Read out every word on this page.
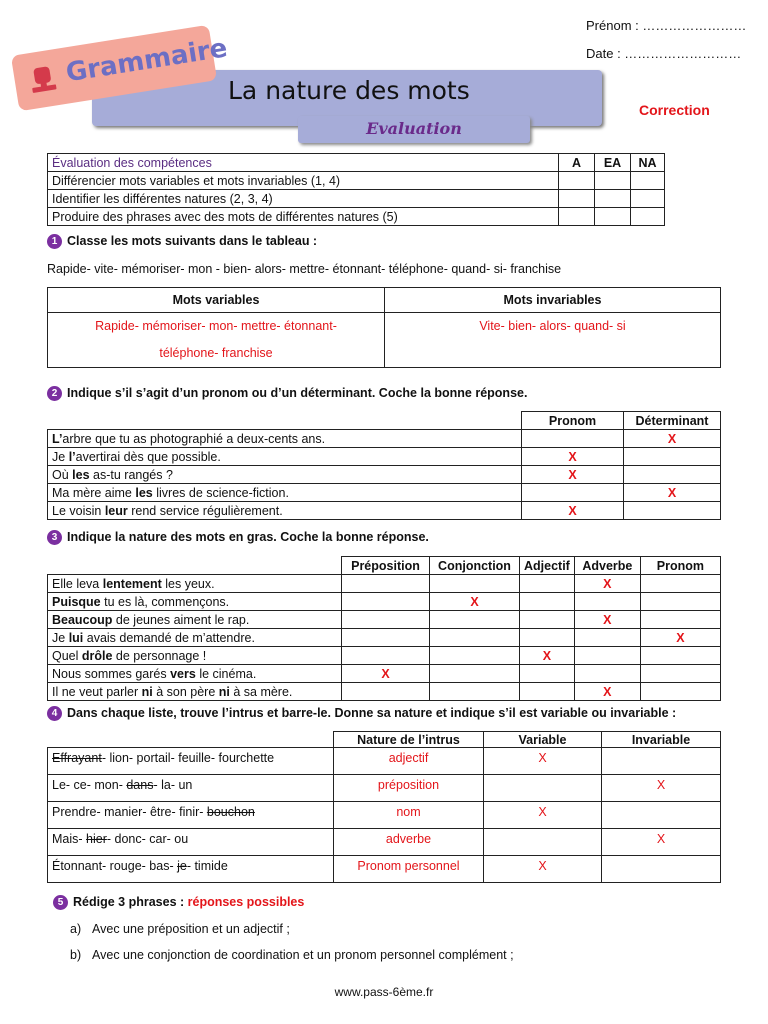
Prénom : ……………………
Date : ………………………
Grammaire
La nature des mots
Evaluation
Correction
Évaluation des compétences	A	EA	NA
Différencier mots variables et mots invariables (1, 4)			
Identifier les différentes natures (2, 3, 4)			
Produire des phrases avec des mots de différentes natures (5)			
1 Classe les mots suivants dans le tableau :
Rapide- vite- mémoriser- mon - bien- alors- mettre- étonnant- téléphone- quand- si- franchise
Mots variables	Mots invariables
Rapide- mémoriser- mon- mettre- étonnant-
téléphone- franchise	Vite- bien- alors- quand- si
2 Indique s’il s’agit d’un pronom ou d’un déterminant. Coche la bonne réponse.
	Pronom	Déterminant
L’arbre que tu as photographié a deux-cents ans.		X
Je l’avertirai dès que possible.	X	
Où les as-tu rangés ?	X	
Ma mère aime les livres de science-fiction.		X
Le voisin leur rend service régulièrement.	X	
3 Indique la nature des mots en gras. Coche la bonne réponse.
	Préposition	Conjonction	Adjectif	Adverbe	Pronom
Elle leva lentement les yeux.				X	
Puisque tu es là, commençons.		X			
Beaucoup de jeunes aiment le rap.				X	
Je lui avais demandé de m’attendre.					X
Quel drôle de personnage !			X		
Nous sommes garés vers le cinéma.	X				
Il ne veut parler ni à son père ni à sa mère.				X	
4 Dans chaque liste, trouve l’intrus et barre-le. Donne sa nature et indique s’il est variable ou invariable :
	Nature de l’intrus	Variable	Invariable
Effrayant- lion- portail- feuille- fourchette	adjectif	X	
Le- ce- mon- dans- la- un	préposition		X
Prendre- manier- être- finir- bouchon	nom	X	
Mais- hier- donc- car- ou	adverbe		X
Étonnant- rouge- bas- je- timide	Pronom personnel	X	
5 Rédige 3 phrases : réponses possibles
a) Avec une préposition et un adjectif ;
b) Avec une conjonction de coordination et un pronom personnel complément ;
www.pass-6ème.fr
